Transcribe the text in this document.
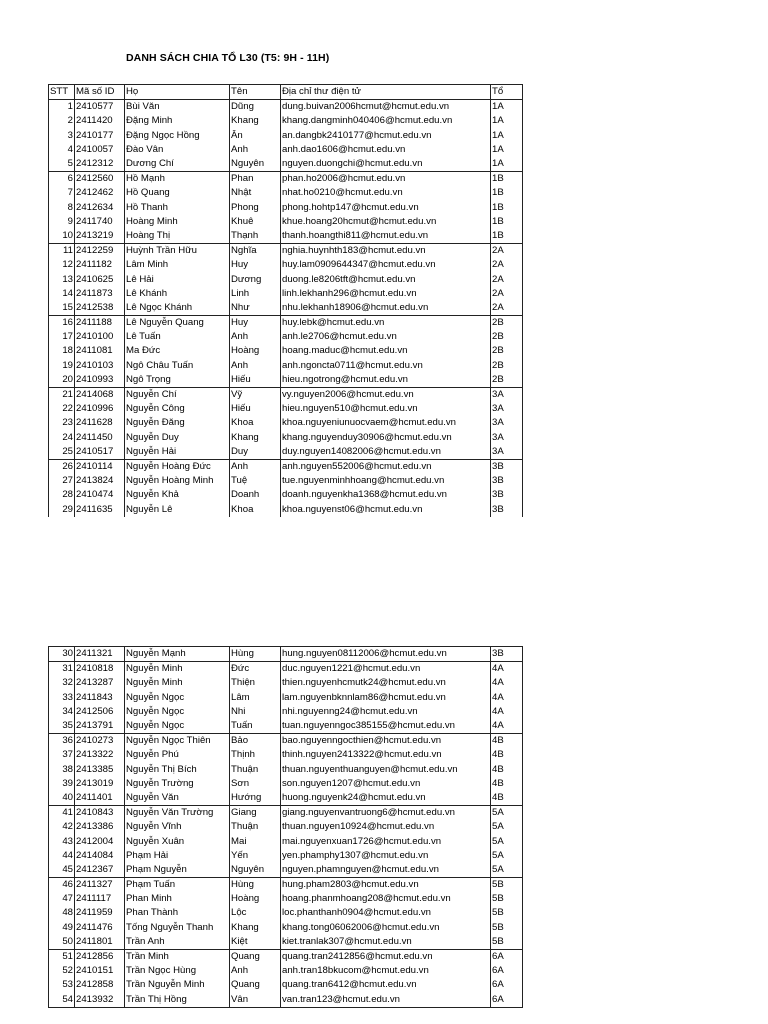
DANH SÁCH CHIA TỔ L30 (T5: 9H - 11H)
STT	Mã số ID	Họ	Tên	Địa chỉ thư điện tử	Tổ
1	2410577	Bùi Văn	Dũng	dung.buivan2006hcmut@hcmut.edu.vn	1A
2	2411420	Đặng Minh	Khang	khang.dangminh040406@hcmut.edu.vn	1A
3	2410177	Đặng Ngọc Hồng	Ân	an.dangbk2410177@hcmut.edu.vn	1A
4	2410057	Đào Vân	Anh	anh.dao1606@hcmut.edu.vn	1A
5	2412312	Dương Chí	Nguyên	nguyen.duongchi@hcmut.edu.vn	1A
6	2412560	Hồ Mạnh	Phan	phan.ho2006@hcmut.edu.vn	1B
7	2412462	Hồ Quang	Nhật	nhat.ho0210@hcmut.edu.vn	1B
8	2412634	Hồ Thanh	Phong	phong.hohtp147@hcmut.edu.vn	1B
9	2411740	Hoàng Minh	Khuê	khue.hoang20hcmut@hcmut.edu.vn	1B
10	2413219	Hoàng Thị	Thạnh	thanh.hoangthi811@hcmut.edu.vn	1B
11	2412259	Huỳnh Trần Hữu	Nghĩa	nghia.huynhth183@hcmut.edu.vn	2A
12	2411182	Lâm Minh	Huy	huy.lam0909644347@hcmut.edu.vn	2A
13	2410625	Lê Hải	Dương	duong.le8206tft@hcmut.edu.vn	2A
14	2411873	Lê Khánh	Linh	linh.lekhanh296@hcmut.edu.vn	2A
15	2412538	Lê Ngọc Khánh	Như	nhu.lekhanh18906@hcmut.edu.vn	2A
16	2411188	Lê Nguyễn Quang	Huy	huy.lebk@hcmut.edu.vn	2B
17	2410100	Lê Tuấn	Anh	anh.le2706@hcmut.edu.vn	2B
18	2411081	Ma Đức	Hoàng	hoang.maduc@hcmut.edu.vn	2B
19	2410103	Ngô Châu Tuấn	Anh	anh.ngoncta0711@hcmut.edu.vn	2B
20	2410993	Ngô Trọng	Hiếu	hieu.ngotrong@hcmut.edu.vn	2B
21	2414068	Nguyễn Chí	Vỹ	vy.nguyen2006@hcmut.edu.vn	3A
22	2410996	Nguyễn Công	Hiếu	hieu.nguyen510@hcmut.edu.vn	3A
23	2411628	Nguyễn Đăng	Khoa	khoa.nguyeniunuocvaem@hcmut.edu.vn	3A
24	2411450	Nguyễn Duy	Khang	khang.nguyenduy30906@hcmut.edu.vn	3A
25	2410517	Nguyễn Hải	Duy	duy.nguyen14082006@hcmut.edu.vn	3A
26	2410114	Nguyễn Hoàng Đức	Anh	anh.nguyen552006@hcmut.edu.vn	3B
27	2413824	Nguyễn Hoàng Minh	Tuệ	tue.nguyenminhhoang@hcmut.edu.vn	3B
28	2410474	Nguyễn Khả	Doanh	doanh.nguyenkha1368@hcmut.edu.vn	3B
29	2411635	Nguyễn Lê	Khoa	khoa.nguyenst06@hcmut.edu.vn	3B
30	2411321	Nguyễn Mạnh	Hùng	hung.nguyen08112006@hcmut.edu.vn	3B
31	2410818	Nguyễn Minh	Đức	duc.nguyen1221@hcmut.edu.vn	4A
32	2413287	Nguyễn Minh	Thiện	thien.nguyenhcmutk24@hcmut.edu.vn	4A
33	2411843	Nguyễn Ngọc	Lâm	lam.nguyenbknnlam86@hcmut.edu.vn	4A
34	2412506	Nguyễn Ngọc	Nhi	nhi.nguyenng24@hcmut.edu.vn	4A
35	2413791	Nguyễn Ngọc	Tuấn	tuan.nguyenngoc385155@hcmut.edu.vn	4A
36	2410273	Nguyễn Ngọc Thiên	Bảo	bao.nguyenngocthien@hcmut.edu.vn	4B
37	2413322	Nguyễn Phú	Thịnh	thinh.nguyen2413322@hcmut.edu.vn	4B
38	2413385	Nguyễn Thị Bích	Thuận	thuan.nguyenthuanguyen@hcmut.edu.vn	4B
39	2413019	Nguyễn Trường	Sơn	son.nguyen1207@hcmut.edu.vn	4B
40	2411401	Nguyễn Văn	Hướng	huong.nguyenk24@hcmut.edu.vn	4B
41	2410843	Nguyễn Văn Trường	Giang	giang.nguyenvantruong6@hcmut.edu.vn	5A
42	2413386	Nguyễn Vĩnh	Thuận	thuan.nguyen10924@hcmut.edu.vn	5A
43	2412004	Nguyễn Xuân	Mai	mai.nguyenxuan1726@hcmut.edu.vn	5A
44	2414084	Phạm Hải	Yến	yen.phamphy1307@hcmut.edu.vn	5A
45	2412367	Phạm Nguyễn	Nguyên	nguyen.phamnguyen@hcmut.edu.vn	5A
46	2411327	Phạm Tuấn	Hùng	hung.pham2803@hcmut.edu.vn	5B
47	2411117	Phan Minh	Hoàng	hoang.phanmhoang208@hcmut.edu.vn	5B
48	2411959	Phan Thành	Lộc	loc.phanthanh0904@hcmut.edu.vn	5B
49	2411476	Tống Nguyễn Thanh	Khang	khang.tong06062006@hcmut.edu.vn	5B
50	2411801	Trần Anh	Kiệt	kiet.tranlak307@hcmut.edu.vn	5B
51	2412856	Trần Minh	Quang	quang.tran2412856@hcmut.edu.vn	6A
52	2410151	Trần Ngọc Hùng	Anh	anh.tran18bkucom@hcmut.edu.vn	6A
53	2412858	Trần Nguyễn Minh	Quang	quang.tran6412@hcmut.edu.vn	6A
54	2413932	Trần Thị Hồng	Vân	van.tran123@hcmut.edu.vn	6A
